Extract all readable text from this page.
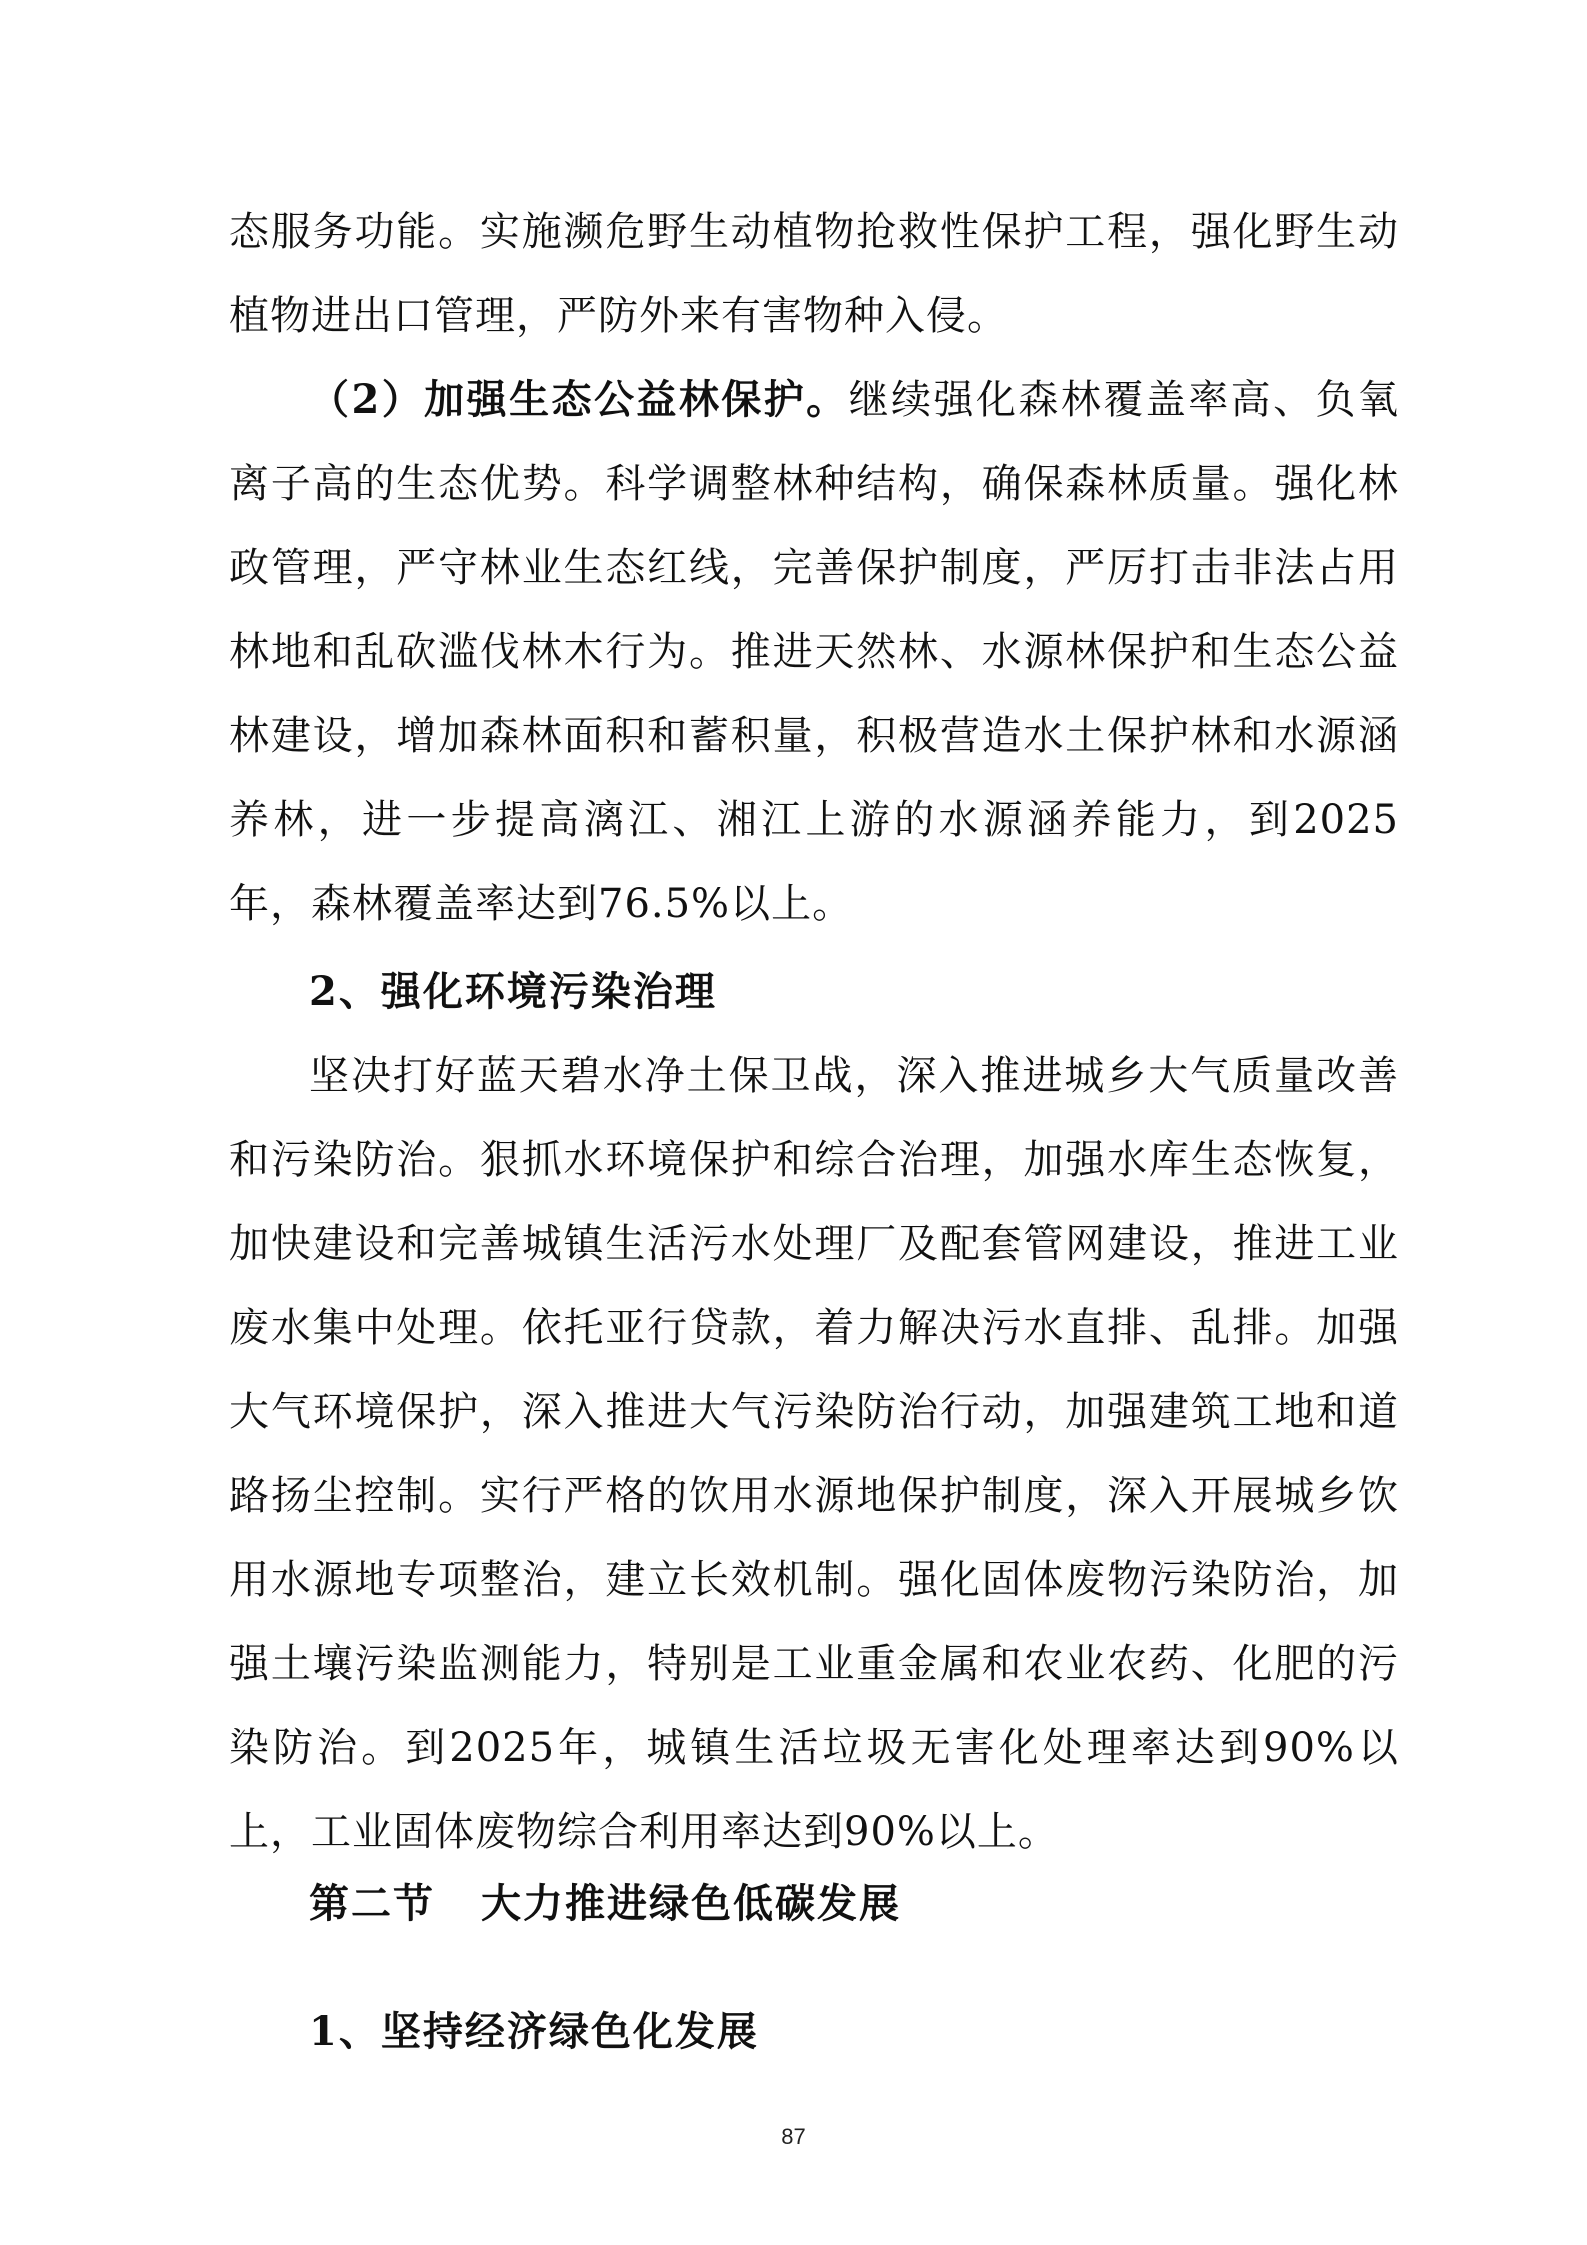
态服务功能。实施濒危野生动植物抢救性保护工程，强化野生动植物进出口管理，严防外来有害物种入侵。

（2）加强生态公益林保护。继续强化森林覆盖率高、负氧离子高的生态优势。科学调整林种结构，确保森林质量。强化林政管理，严守林业生态红线，完善保护制度，严厉打击非法占用林地和乱砍滥伐林木行为。推进天然林、水源林保护和生态公益林建设，增加森林面积和蓄积量，积极营造水土保护林和水源涵养林，进一步提高漓江、湘江上游的水源涵养能力，到2025年，森林覆盖率达到76.5%以上。

2、强化环境污染治理

坚决打好蓝天碧水净土保卫战，深入推进城乡大气质量改善和污染防治。狠抓水环境保护和综合治理，加强水库生态恢复，加快建设和完善城镇生活污水处理厂及配套管网建设，推进工业废水集中处理。依托亚行贷款，着力解决污水直排、乱排。加强大气环境保护，深入推进大气污染防治行动，加强建筑工地和道路扬尘控制。实行严格的饮用水源地保护制度，深入开展城乡饮用水源地专项整治，建立长效机制。强化固体废物污染防治，加强土壤污染监测能力，特别是工业重金属和农业农药、化肥的污染防治。到2025年，城镇生活垃圾无害化处理率达到90%以上，工业固体废物综合利用率达到90%以上。

第二节 大力推进绿色低碳发展
1、坚持经济绿色化发展
87
